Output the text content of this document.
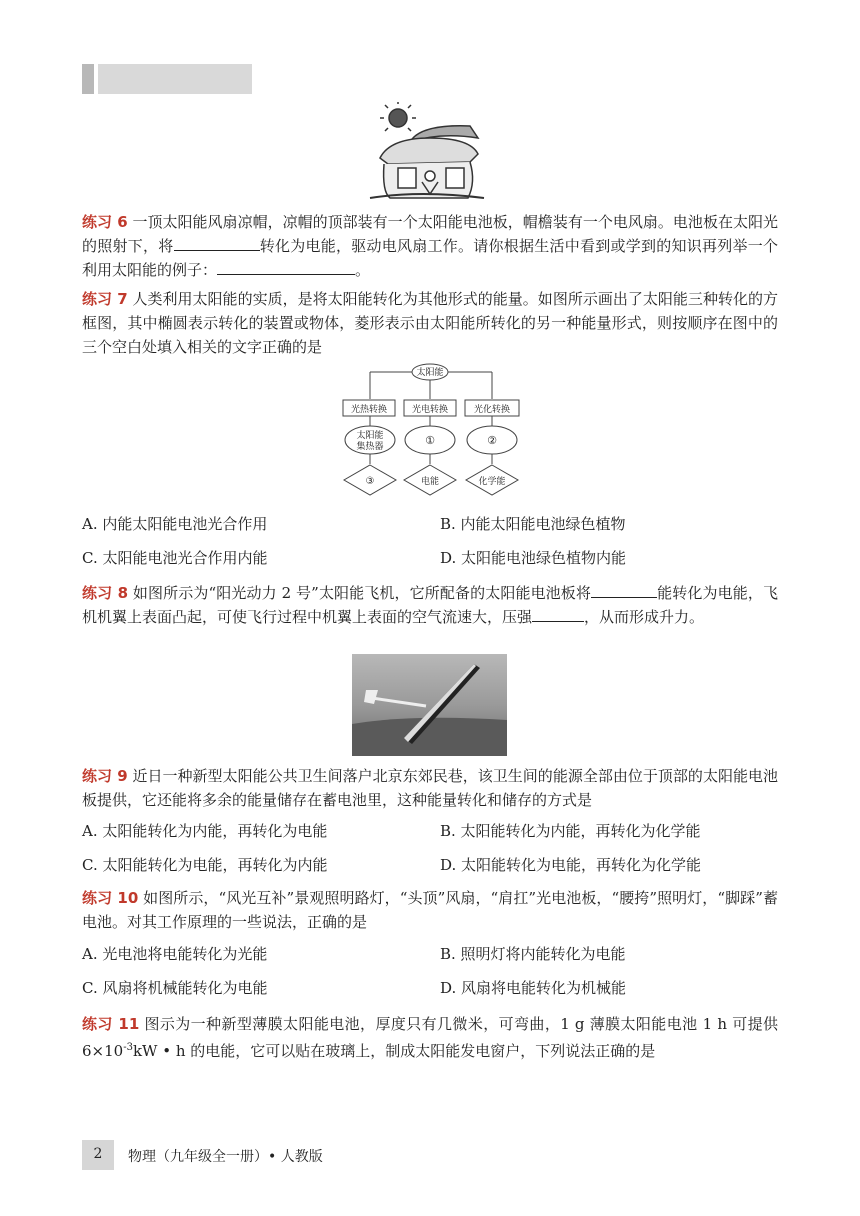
练习 6 一顶太阳能风扇凉帽，凉帽的顶部装有一个太阳能电池板，帽檐装有一个电风扇。电池板在太阳光的照射下，将	转化为电能，驱动电风扇工作。请你根据生活中看到或学到的知识再列举一个利用太阳能的例子：	。
练习 7 人类利用太阳能的实质，是将太阳能转化为其他形式的能量。如图所示画出了太阳能三种转化的方框图，其中椭圆表示转化的装置或物体，菱形表示由太阳能所转化的另一种能量形式，则按顺序在图中的三个空白处填入相关的文字正确的是
太阳能
光热转换	光电转换	光化转换
太阳能
集热器	①	②
③	电能	化学能
A. 内能太阳能电池光合作用	B. 内能太阳能电池绿色植物
C. 太阳能电池光合作用内能	D. 太阳能电池绿色植物内能
练习 8 如图所示为“阳光动力 2 号”太阳能飞机，它所配备的太阳能电池板将	能转化为电能，飞机机翼上表面凸起，可使飞行过程中机翼上表面的空气流速大，压强	，从而形成升力。
练习 9 近日一种新型太阳能公共卫生间落户北京东郊民巷，该卫生间的能源全部由位于顶部的太阳能电池板提供，它还能将多余的能量储存在蓄电池里，这种能量转化和储存的方式是
A. 太阳能转化为内能，再转化为电能	B. 太阳能转化为内能，再转化为化学能
C. 太阳能转化为电能，再转化为内能	D. 太阳能转化为电能，再转化为化学能
练习 10 如图所示，“风光互补”景观照明路灯，“头顶”风扇，“肩扛”光电池板，“腰挎”照明灯，“脚踩”蓄电池。对其工作原理的一些说法，正确的是
A. 光电池将电能转化为光能	B. 照明灯将内能转化为电能
C. 风扇将机械能转化为电能	D. 风扇将电能转化为机械能
练习 11 图示为一种新型薄膜太阳能电池，厚度只有几微米，可弯曲，1 g 薄膜太阳能电池 1 h 可提供 $6\times 10^{-3}kW$ • h 的电能，它可以贴在玻璃上，制成太阳能发电窗户，下列说法正确的是
2	物理（九年级全一册）• 人教版
